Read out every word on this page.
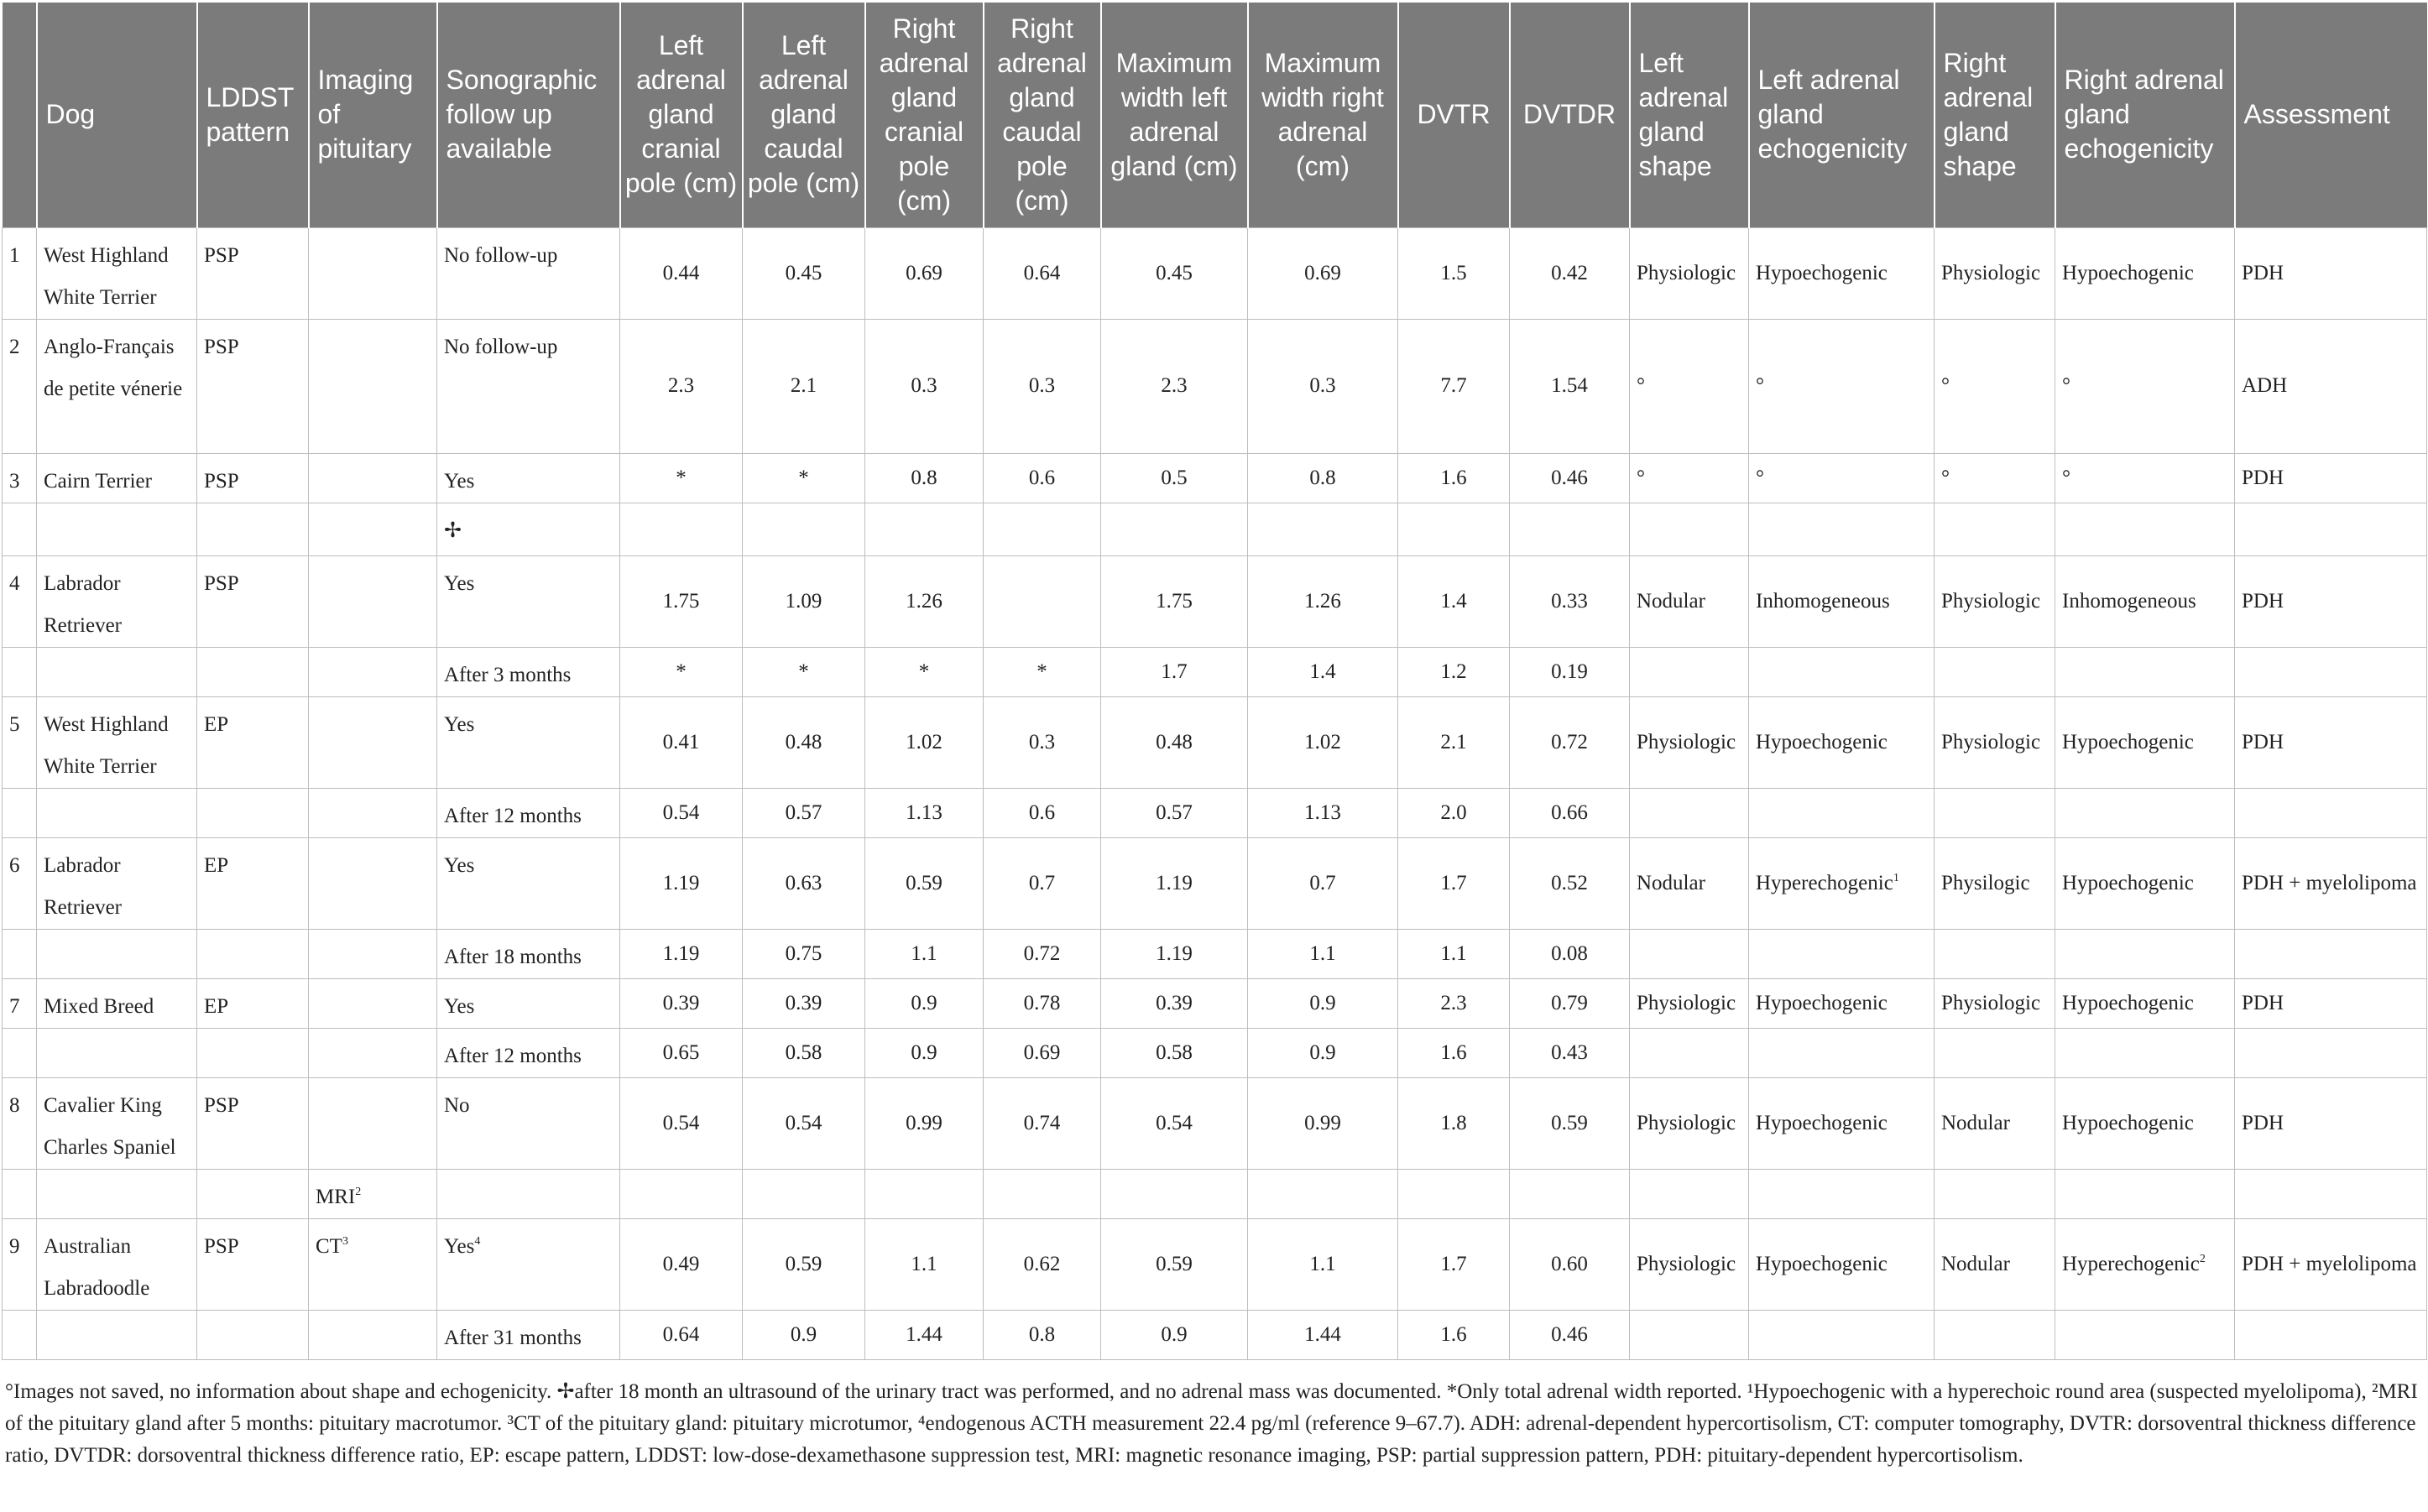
	Dog	LDDST pattern	Imaging of pituitary	Sonographic follow up available	Left adrenal gland cranial pole (cm)	Left adrenal gland caudal pole (cm)	Right adrenal gland cranial pole (cm)	Right adrenal gland caudal pole (cm)	Maximum width left adrenal gland (cm)	Maximum width right adrenal (cm)	DVTR	DVTDR	Left adrenal gland shape	Left adrenal gland echogenicity	Right adrenal gland shape	Right adrenal gland echogenicity	Assessment
1	West Highland White Terrier	PSP		No follow-up	0.44	0.45	0.69	0.64	0.45	0.69	1.5	0.42	Physiologic	Hypoechogenic	Physiologic	Hypoechogenic	PDH
2	Anglo-Français de petite vénerie	PSP		No follow-up	2.3	2.1	0.3	0.3	2.3	0.3	7.7	1.54	°	°	°	°	ADH
3	Cairn Terrier	PSP		Yes	*	*	0.8	0.6	0.5	0.8	1.6	0.46	°	°	°	°	PDH
				✢													
4	Labrador Retriever	PSP		Yes	1.75	1.09	1.26		1.75	1.26	1.4	0.33	Nodular	Inhomogeneous	Physiologic	Inhomogeneous	PDH
				After 3 months	*	*	*	*	1.7	1.4	1.2	0.19					
5	West Highland White Terrier	EP		Yes	0.41	0.48	1.02	0.3	0.48	1.02	2.1	0.72	Physiologic	Hypoechogenic	Physiologic	Hypoechogenic	PDH
				After 12 months	0.54	0.57	1.13	0.6	0.57	1.13	2.0	0.66					
6	Labrador Retriever	EP		Yes	1.19	0.63	0.59	0.7	1.19	0.7	1.7	0.52	Nodular	Hyperechogenic$^1$	Physilogic	Hypoechogenic	PDH + myelolipoma
				After 18 months	1.19	0.75	1.1	0.72	1.19	1.1	1.1	0.08					
7	Mixed Breed	EP		Yes	0.39	0.39	0.9	0.78	0.39	0.9	2.3	0.79	Physiologic	Hypoechogenic	Physiologic	Hypoechogenic	PDH
				After 12 months	0.65	0.58	0.9	0.69	0.58	0.9	1.6	0.43					
8	Cavalier King Charles Spaniel	PSP		No	0.54	0.54	0.99	0.74	0.54	0.99	1.8	0.59	Physiologic	Hypoechogenic	Nodular	Hypoechogenic	PDH
			MRI$^2$														
9	Australian Labradoodle	PSP	$CT^3$	Yes$^4$	0.49	0.59	1.1	0.62	0.59	1.1	1.7	0.60	Physiologic	Hypoechogenic	Nodular	Hyperechogenic$^2$	PDH + myelolipoma
				After 31 months	0.64	0.9	1.44	0.8	0.9	1.44	1.6	0.46					
°Images not saved, no information about shape and echogenicity. ✢after 18 month an ultrasound of the urinary tract was performed, and no adrenal mass was documented. *Only total adrenal width reported. ¹Hypoechogenic with a hyperechoic round area (suspected myelolipoma), ²MRI of the pituitary gland after 5 months: pituitary macrotumor. ³CT of the pituitary gland: pituitary microtumor, ⁴endogenous ACTH measurement 22.4 pg/ml (reference 9–67.7). ADH: adrenal-dependent hypercortisolism, CT: computer tomography, DVTR: dorsoventral thickness difference ratio, DVTDR: dorsoventral thickness difference ratio, EP: escape pattern, LDDST: low-dose-dexamethasone suppression test, MRI: magnetic resonance imaging, PSP: partial suppression pattern, PDH: pituitary-dependent hypercortisolism.
